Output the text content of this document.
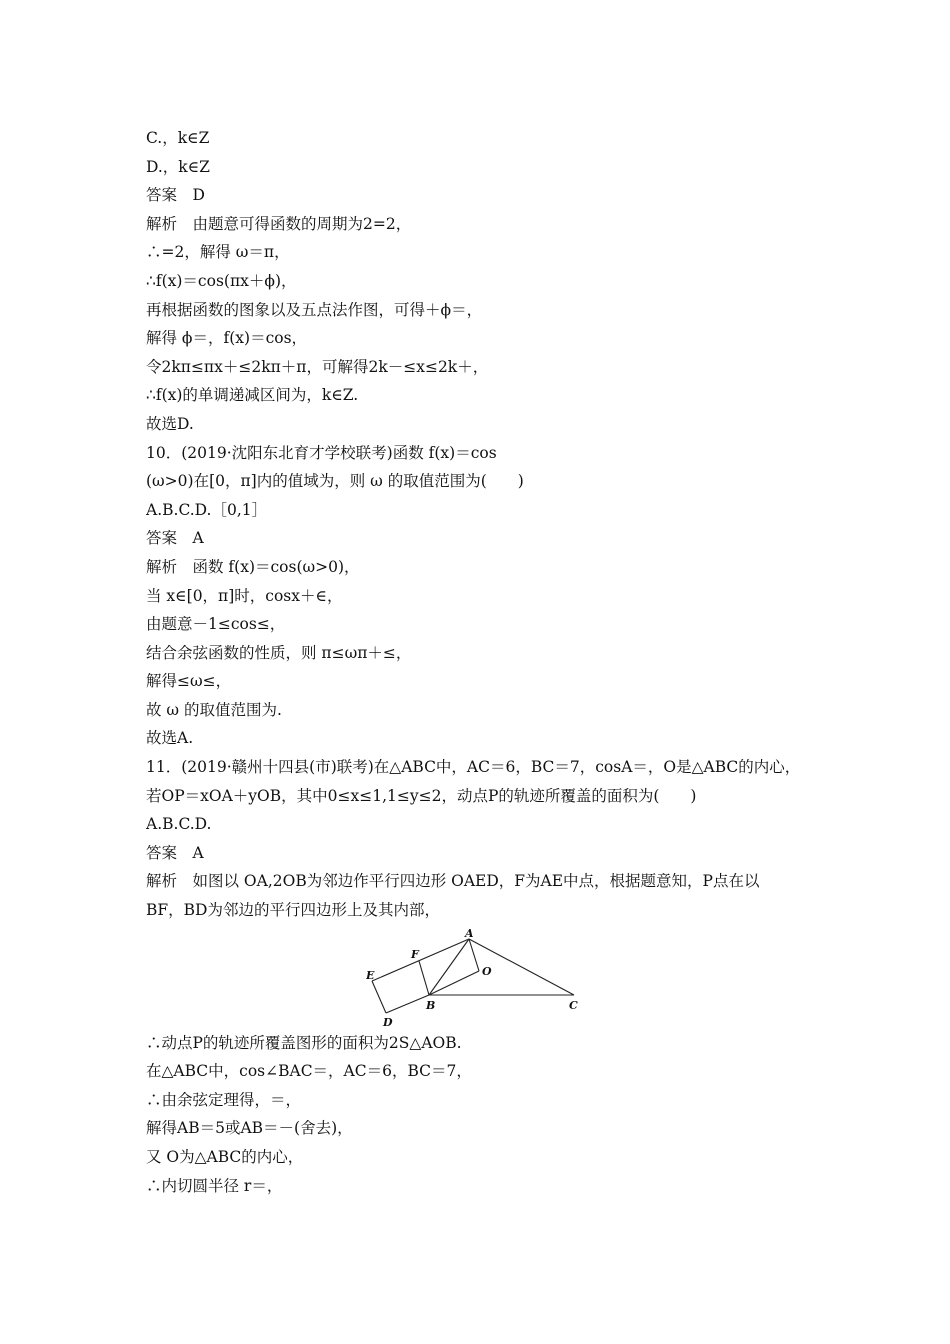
C.，k∈Z
D.，k∈Z
答案　D
解析　由题意可得函数的周期为2=2，
∴=2，解得 ω＝π，
∴f(x)＝cos(πx＋ϕ)，
再根据函数的图象以及五点法作图，可得＋ϕ＝，
解得 ϕ＝，f(x)＝cos，
令2kπ≤πx＋≤2kπ＋π，可解得2k－≤x≤2k＋，
∴f(x)的单调递减区间为，k∈Z.
故选D.
10．(2019·沈阳东北育才学校联考)函数 f(x)＝cos
(ω>0)在[0，π]内的值域为，则 ω 的取值范围为(　　)
A.B.C.D.［0,1］
答案　A
解析　函数 f(x)＝cos(ω>0)，
当 x∈[0，π]时，cosx＋∈，
由题意－1≤cos≤，
结合余弦函数的性质，则 π≤ωπ＋≤，
解得≤ω≤，
故 ω 的取值范围为.
故选A.
11．(2019·赣州十四县(市)联考)在△ABC中，AC＝6，BC＝7，cosA＝，O是△ABC的内心，
若OP＝xOA＋yOB，其中0≤x≤1,1≤y≤2，动点P的轨迹所覆盖的面积为(　　)
A.B.C.D.
答案　A
解析　如图以 OA,2OB为邻边作平行四边形 OAED，F为AE中点，根据题意知，P点在以
BF，BD为邻边的平行四边形上及其内部，
A
B	C
D
E
F
O
∴动点P的轨迹所覆盖图形的面积为2S△AOB.
在△ABC中，cos∠BAC＝，AC＝6，BC＝7，
∴由余弦定理得，＝，
解得AB＝5或AB＝－(舍去)，
又 O为△ABC的内心，
∴内切圆半径 r＝，
